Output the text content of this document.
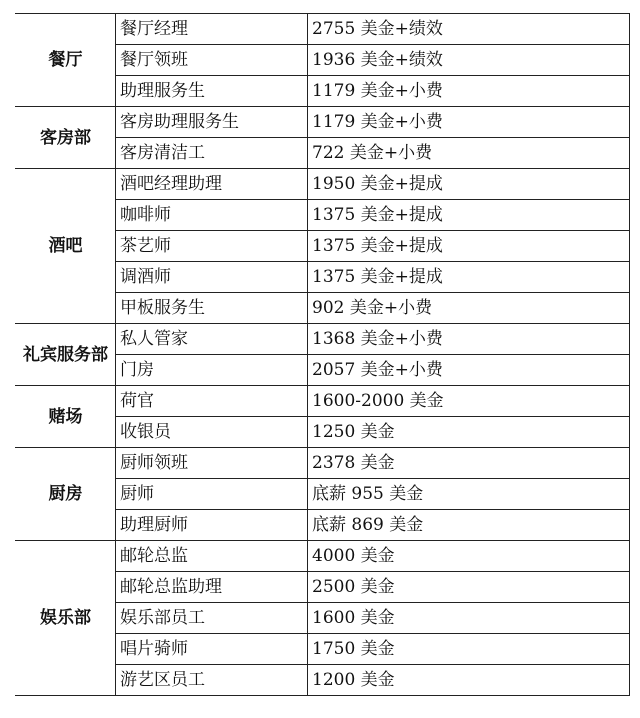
餐厅	餐厅经理	2755 美金+绩效
	餐厅领班	1936 美金+绩效
	助理服务生	1179 美金+小费
客房部	客房助理服务生	1179 美金+小费
	客房清洁工	722 美金+小费
酒吧	酒吧经理助理	1950 美金+提成
	咖啡师	1375 美金+提成
	茶艺师	1375 美金+提成
	调酒师	1375 美金+提成
	甲板服务生	902 美金+小费
礼宾服务部	私人管家	1368 美金+小费
	门房	2057 美金+小费
赌场	荷官	1600-2000 美金
	收银员	1250 美金
厨房	厨师领班	2378 美金
	厨师	底薪 955 美金
	助理厨师	底薪 869 美金
娱乐部	邮轮总监	4000 美金
	邮轮总监助理	2500 美金
	娱乐部员工	1600 美金
	唱片骑师	1750 美金
	游艺区员工	1200 美金
